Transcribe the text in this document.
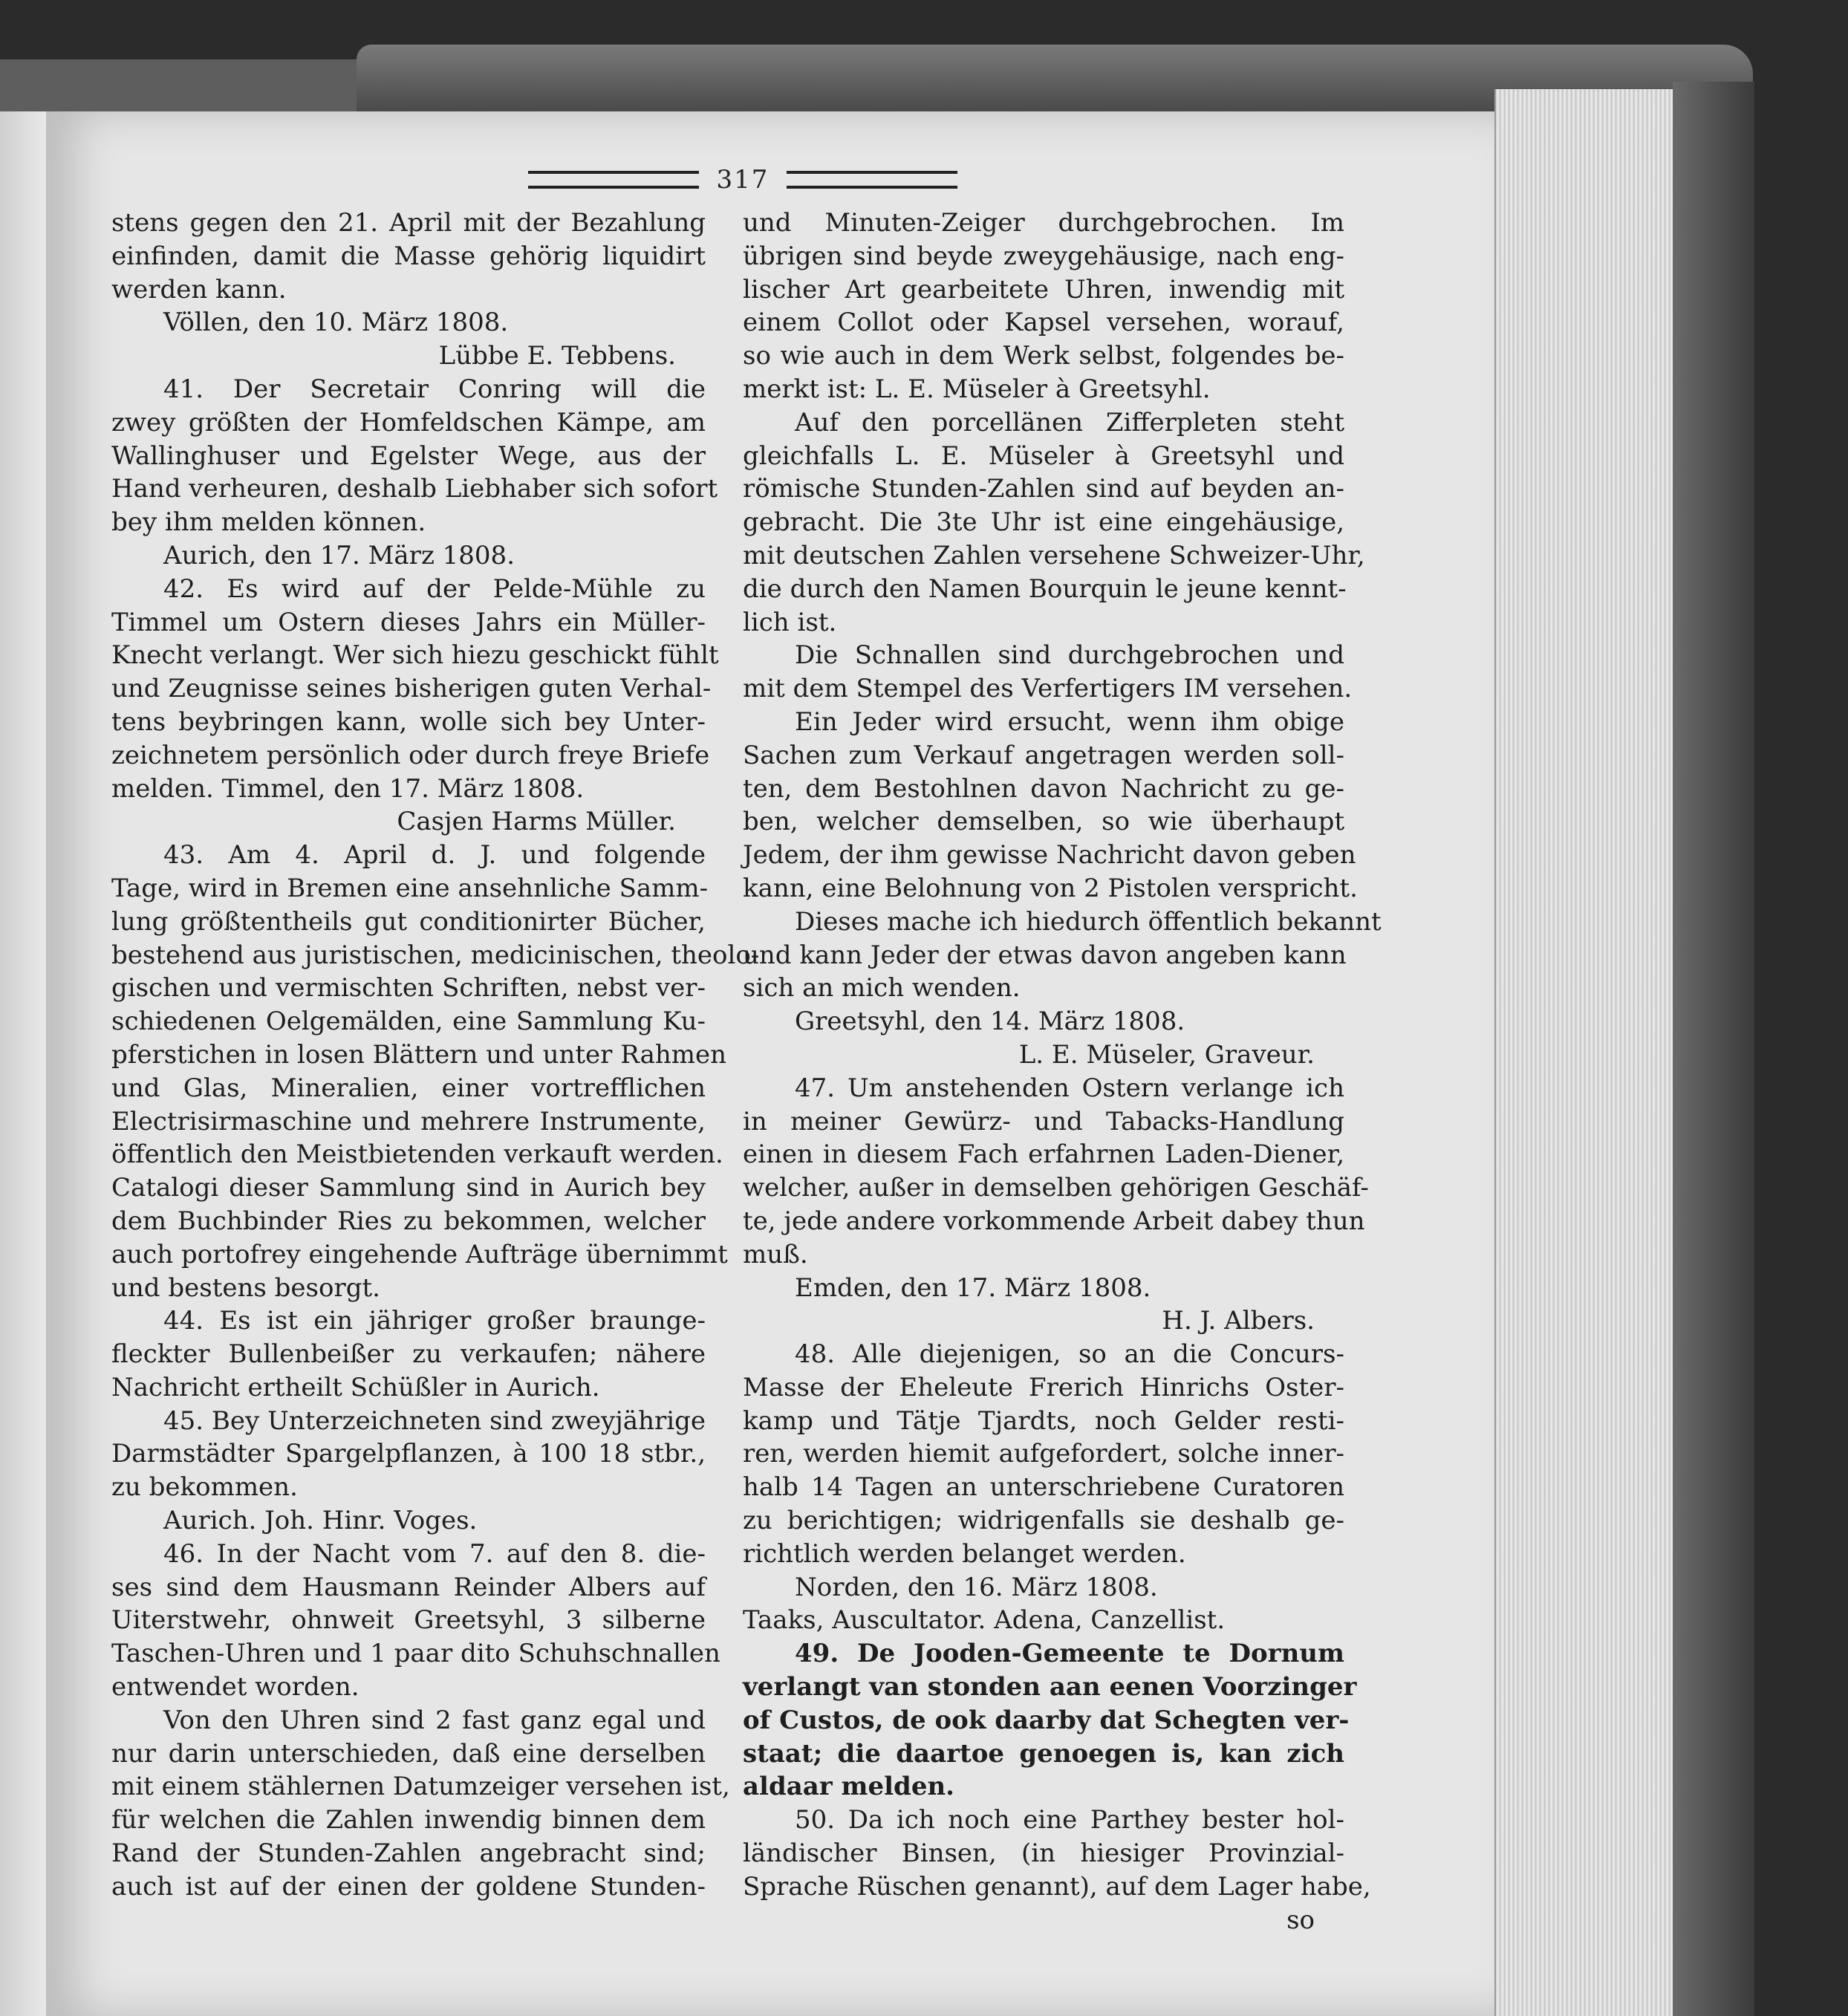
317

stens gegen den 21. April mit der Bezahlung

einfinden, damit die Masse gehörig liquidirt

werden kann.

Völlen, den 10. März 1808.

Lübbe E. Tebbens.

41. Der Secretair Conring will die

zwey größten der Homfeldschen Kämpe, am

Wallinghuser und Egelster Wege, aus der

Hand verheuren, deshalb Liebhaber sich sofort

bey ihm melden können.

Aurich, den 17. März 1808.

42. Es wird auf der Pelde-Mühle zu

Timmel um Ostern dieses Jahrs ein Müller-

Knecht verlangt. Wer sich hiezu geschickt fühlt

und Zeugnisse seines bisherigen guten Verhal-

tens beybringen kann, wolle sich bey Unter-

zeichnetem persönlich oder durch freye Briefe

melden. Timmel, den 17. März 1808.

Casjen Harms Müller.

43. Am 4. April d. J. und folgende

Tage, wird in Bremen eine ansehnliche Samm-

lung größtentheils gut conditionirter Bücher,

bestehend aus juristischen, medicinischen, theolo-

gischen und vermischten Schriften, nebst ver-

schiedenen Oelgemälden, eine Sammlung Ku-

pferstichen in losen Blättern und unter Rahmen

und Glas, Mineralien, einer vortrefflichen

Electrisirmaschine und mehrere Instrumente,

öffentlich den Meistbietenden verkauft werden.

Catalogi dieser Sammlung sind in Aurich bey

dem Buchbinder Ries zu bekommen, welcher

auch portofrey eingehende Aufträge übernimmt

und bestens besorgt.

44. Es ist ein jähriger großer braunge-

fleckter Bullenbeißer zu verkaufen; nähere

Nachricht ertheilt Schüßler in Aurich.

45. Bey Unterzeichneten sind zweyjährige

Darmstädter Spargelpflanzen, à 100 18 stbr.,

zu bekommen.

Aurich. Joh. Hinr. Voges.

46. In der Nacht vom 7. auf den 8. die-

ses sind dem Hausmann Reinder Albers auf

Uiterstwehr, ohnweit Greetsyhl, 3 silberne

Taschen-Uhren und 1 paar dito Schuhschnallen

entwendet worden.

Von den Uhren sind 2 fast ganz egal und

nur darin unterschieden, daß eine derselben

mit einem stählernen Datumzeiger versehen ist,

für welchen die Zahlen inwendig binnen dem

Rand der Stunden-Zahlen angebracht sind;

auch ist auf der einen der goldene Stunden-

und Minuten-Zeiger durchgebrochen. Im

übrigen sind beyde zweygehäusige, nach eng-

lischer Art gearbeitete Uhren, inwendig mit

einem Collot oder Kapsel versehen, worauf,

so wie auch in dem Werk selbst, folgendes be-

merkt ist: L. E. Müseler à Greetsyhl.

Auf den porcellänen Zifferpleten steht

gleichfalls L. E. Müseler à Greetsyhl und

römische Stunden-Zahlen sind auf beyden an-

gebracht. Die 3te Uhr ist eine eingehäusige,

mit deutschen Zahlen versehene Schweizer-Uhr,

die durch den Namen Bourquin le jeune kennt-

lich ist.

Die Schnallen sind durchgebrochen und

mit dem Stempel des Verfertigers IM versehen.

Ein Jeder wird ersucht, wenn ihm obige

Sachen zum Verkauf angetragen werden soll-

ten, dem Bestohlnen davon Nachricht zu ge-

ben, welcher demselben, so wie überhaupt

Jedem, der ihm gewisse Nachricht davon geben

kann, eine Belohnung von 2 Pistolen verspricht.

Dieses mache ich hiedurch öffentlich bekannt

und kann Jeder der etwas davon angeben kann

sich an mich wenden.

Greetsyhl, den 14. März 1808.

L. E. Müseler, Graveur.

47. Um anstehenden Ostern verlange ich

in meiner Gewürz- und Tabacks-Handlung

einen in diesem Fach erfahrnen Laden-Diener,

welcher, außer in demselben gehörigen Geschäf-

te, jede andere vorkommende Arbeit dabey thun

muß.

Emden, den 17. März 1808.

H. J. Albers.

48. Alle diejenigen, so an die Concurs-

Masse der Eheleute Frerich Hinrichs Oster-

kamp und Tätje Tjardts, noch Gelder resti-

ren, werden hiemit aufgefordert, solche inner-

halb 14 Tagen an unterschriebene Curatoren

zu berichtigen; widrigenfalls sie deshalb ge-

richtlich werden belanget werden.

Norden, den 16. März 1808.

Taaks, Auscultator. Adena, Canzellist.

49. De Jooden-Gemeente te Dornum

verlangt van stonden aan eenen Voorzinger

of Custos, de ook daarby dat Schegten ver-

staat; die daartoe genoegen is, kan zich

aldaar melden.

50. Da ich noch eine Parthey bester hol-

ländischer Binsen, (in hiesiger Provinzial-

Sprache Rüschen genannt), auf dem Lager habe,

so
